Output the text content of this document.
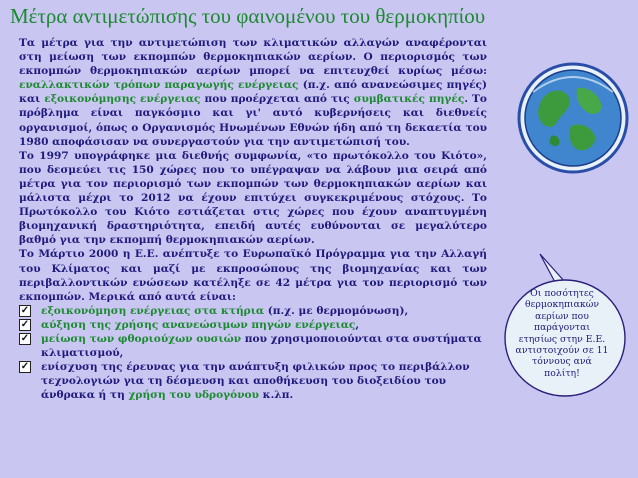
Μέτρα αντιμετώπισης του φαινομένου του θερμοκηπίου

Τα μέτρα για την αντιμετώπιση των κλιματικών αλλαγών αναφέρονται στη μείωση των εκπομπών θερμοκηπιακών αερίων. Ο περιορισμός των εκπομπών θερμοκηπιακών αερίων μπορεί να επιτευχθεί κυρίως μέσω: εναλλακτικών τρόπων παραγωγής ενέργειας (π.χ. από ανανεώσιμες πηγές) και εξοικονόμησης ενέργειας που προέρχεται από τις συμβατικές πηγές. Το πρόβλημα είναι παγκόσμιο και γι' αυτό κυβερνήσεις και διεθνείς οργανισμοί, όπως ο Οργανισμός Ηνωμένων Εθνών ήδη από τη δεκαετία του 1980 αποφάσισαν να συνεργαστούν για την αντιμετώπισή του.

Το 1997 υπογράφηκε μια διεθνής συμφωνία, «το πρωτόκολλο του Κιότο», που δεσμεύει τις 150 χώρες που το υπέγραψαν να λάβουν μια σειρά από μέτρα για τον περιορισμό των εκπομπών των θερμοκηπιακών αερίων και μάλιστα μέχρι το 2012 να έχουν επιτύχει συγκεκριμένους στόχους. Το Πρωτόκολλο του Κιότο εστιάζεται στις χώρες που έχουν αναπτυγμένη βιομηχανική δραστηριότητα, επειδή αυτές ευθύνονται σε μεγαλύτερο βαθμό για την εκπομπή θερμοκηπιακών αερίων.

Το Μάρτιο 2000 η Ε.Ε. ανέπτυξε το Ευρωπαϊκό Πρόγραμμα για την Αλλαγή του Κλίματος και μαζί με εκπροσώπους της βιομηχανίας και των περιβαλλοντικών ενώσεων κατέληξε σε 42 μέτρα για τον περιορισμό των εκπομπών. Μερικά από αυτά είναι:

✓ εξοικονόμηση ενέργειας στα κτήρια (π.χ. με θερμομόνωση),
✓ αύξηση της χρήσης ανανεώσιμων πηγών ενέργειας,
✓ μείωση των φθοριούχων ουσιών που χρησιμοποιούνται στα συστήματα κλιματισμού,
✓ ενίσχυση της έρευνας για την ανάπτυξη φιλικών προς το περιβάλλον τεχνολογιών για τη δέσμευση και αποθήκευση του διοξειδίου του άνθρακα ή τη χρήση του υδρογόνου κ.λπ.
Οι ποσότητες θερμοκηπιακών αερίων που παράγονται ετησίως στην Ε.Ε. αντιστοιχούν σε 11 τόννους ανά πολίτη!
